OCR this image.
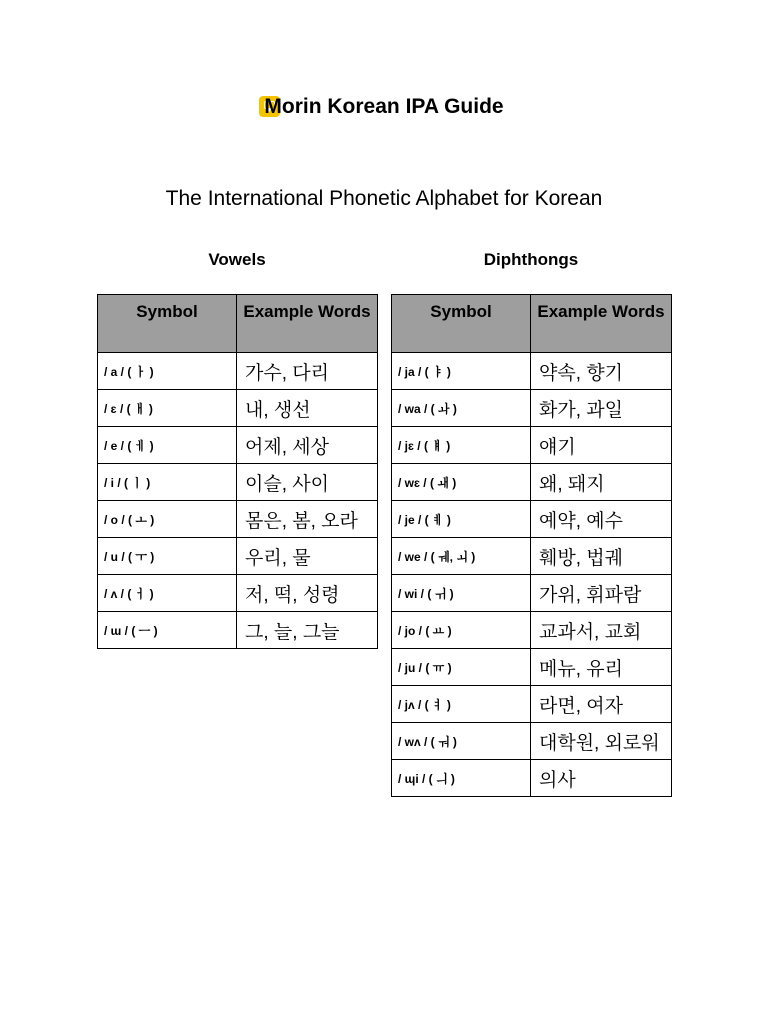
Morin Korean IPA Guide
The International Phonetic Alphabet for Korean
Vowels	Diphthongs
Symbol	Example Words
/ a / ( ㅏ )	가수, 다리
/ ɛ / ( ㅐ )	내, 생선
/ e / ( ㅔ )	어제, 세상
/ i / ( ㅣ )	이슬, 사이
/ o / ( ㅗ )	몸은, 봄, 오라
/ u / ( ㅜ )	우리, 물
/ ʌ / ( ㅓ )	저, 떡, 성령
/ ɯ / ( ㅡ )	그, 늘, 그늘
Symbol	Example Words
/ ja / ( ㅑ )	약속, 향기
/ wa / ( ㅘ )	화가, 과일
/ jɛ / ( ㅒ )	얘기
/ wɛ / ( ㅙ )	왜, 돼지
/ je / ( ㅖ )	예약, 예수
/ we / ( ㅞ, ㅚ )	훼방, 법궤
/ wi / ( ㅟ )	가위, 휘파람
/ jo / ( ㅛ )	교과서, 교회
/ ju / ( ㅠ )	메뉴, 유리
/ jʌ / ( ㅕ )	라면, 여자
/ wʌ / ( ㅝ )	대학원, 외로워
/ ɰi / ( ㅢ )	의사
